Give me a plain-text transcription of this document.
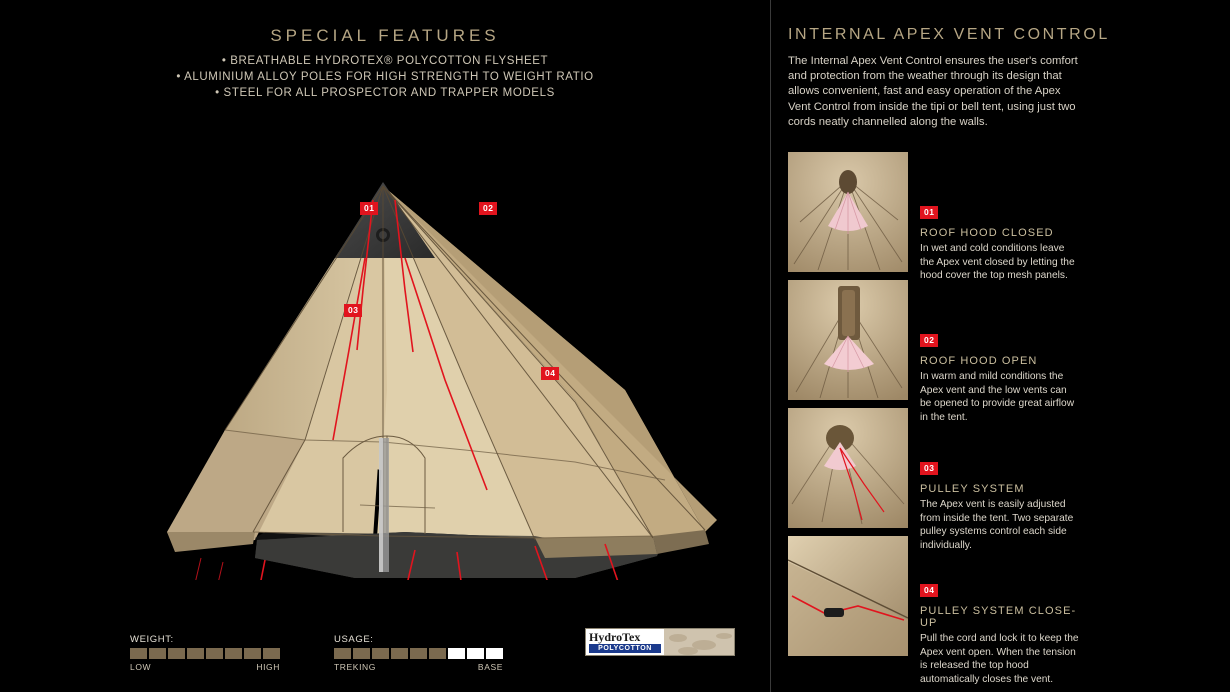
SPECIAL FEATURES
• BREATHABLE HYDROTEX® POLYCOTTON FLYSHEET
• ALUMINIUM ALLOY POLES FOR HIGH STRENGTH TO WEIGHT RATIO
• STEEL FOR ALL PROSPECTOR AND TRAPPER MODELS
01	02
03
04
WEIGHT:
LOW	HIGH
USAGE:
TREKING	BASE
HydroTex
POLYCOTTON
INTERNAL APEX VENT CONTROL
The Internal Apex Vent Control ensures the user's comfort and protection from the weather through its design that allows convenient, fast and easy operation of the Apex Vent Control from inside the tipi or bell tent, using just two cords neatly channelled along the walls.
01
ROOF HOOD CLOSED
In wet and cold conditions leave the Apex vent closed by letting the hood cover the top mesh panels.
02
ROOF HOOD OPEN
In warm and mild conditions the Apex vent and the low vents can be opened to provide great airflow in the tent.
03
PULLEY SYSTEM
The Apex vent is easily adjusted from inside the tent. Two separate pulley systems control each side individually.
04
PULLEY SYSTEM CLOSE-UP
Pull the cord and lock it to keep the Apex vent open. When the tension is released the top hood automatically closes the vent.
